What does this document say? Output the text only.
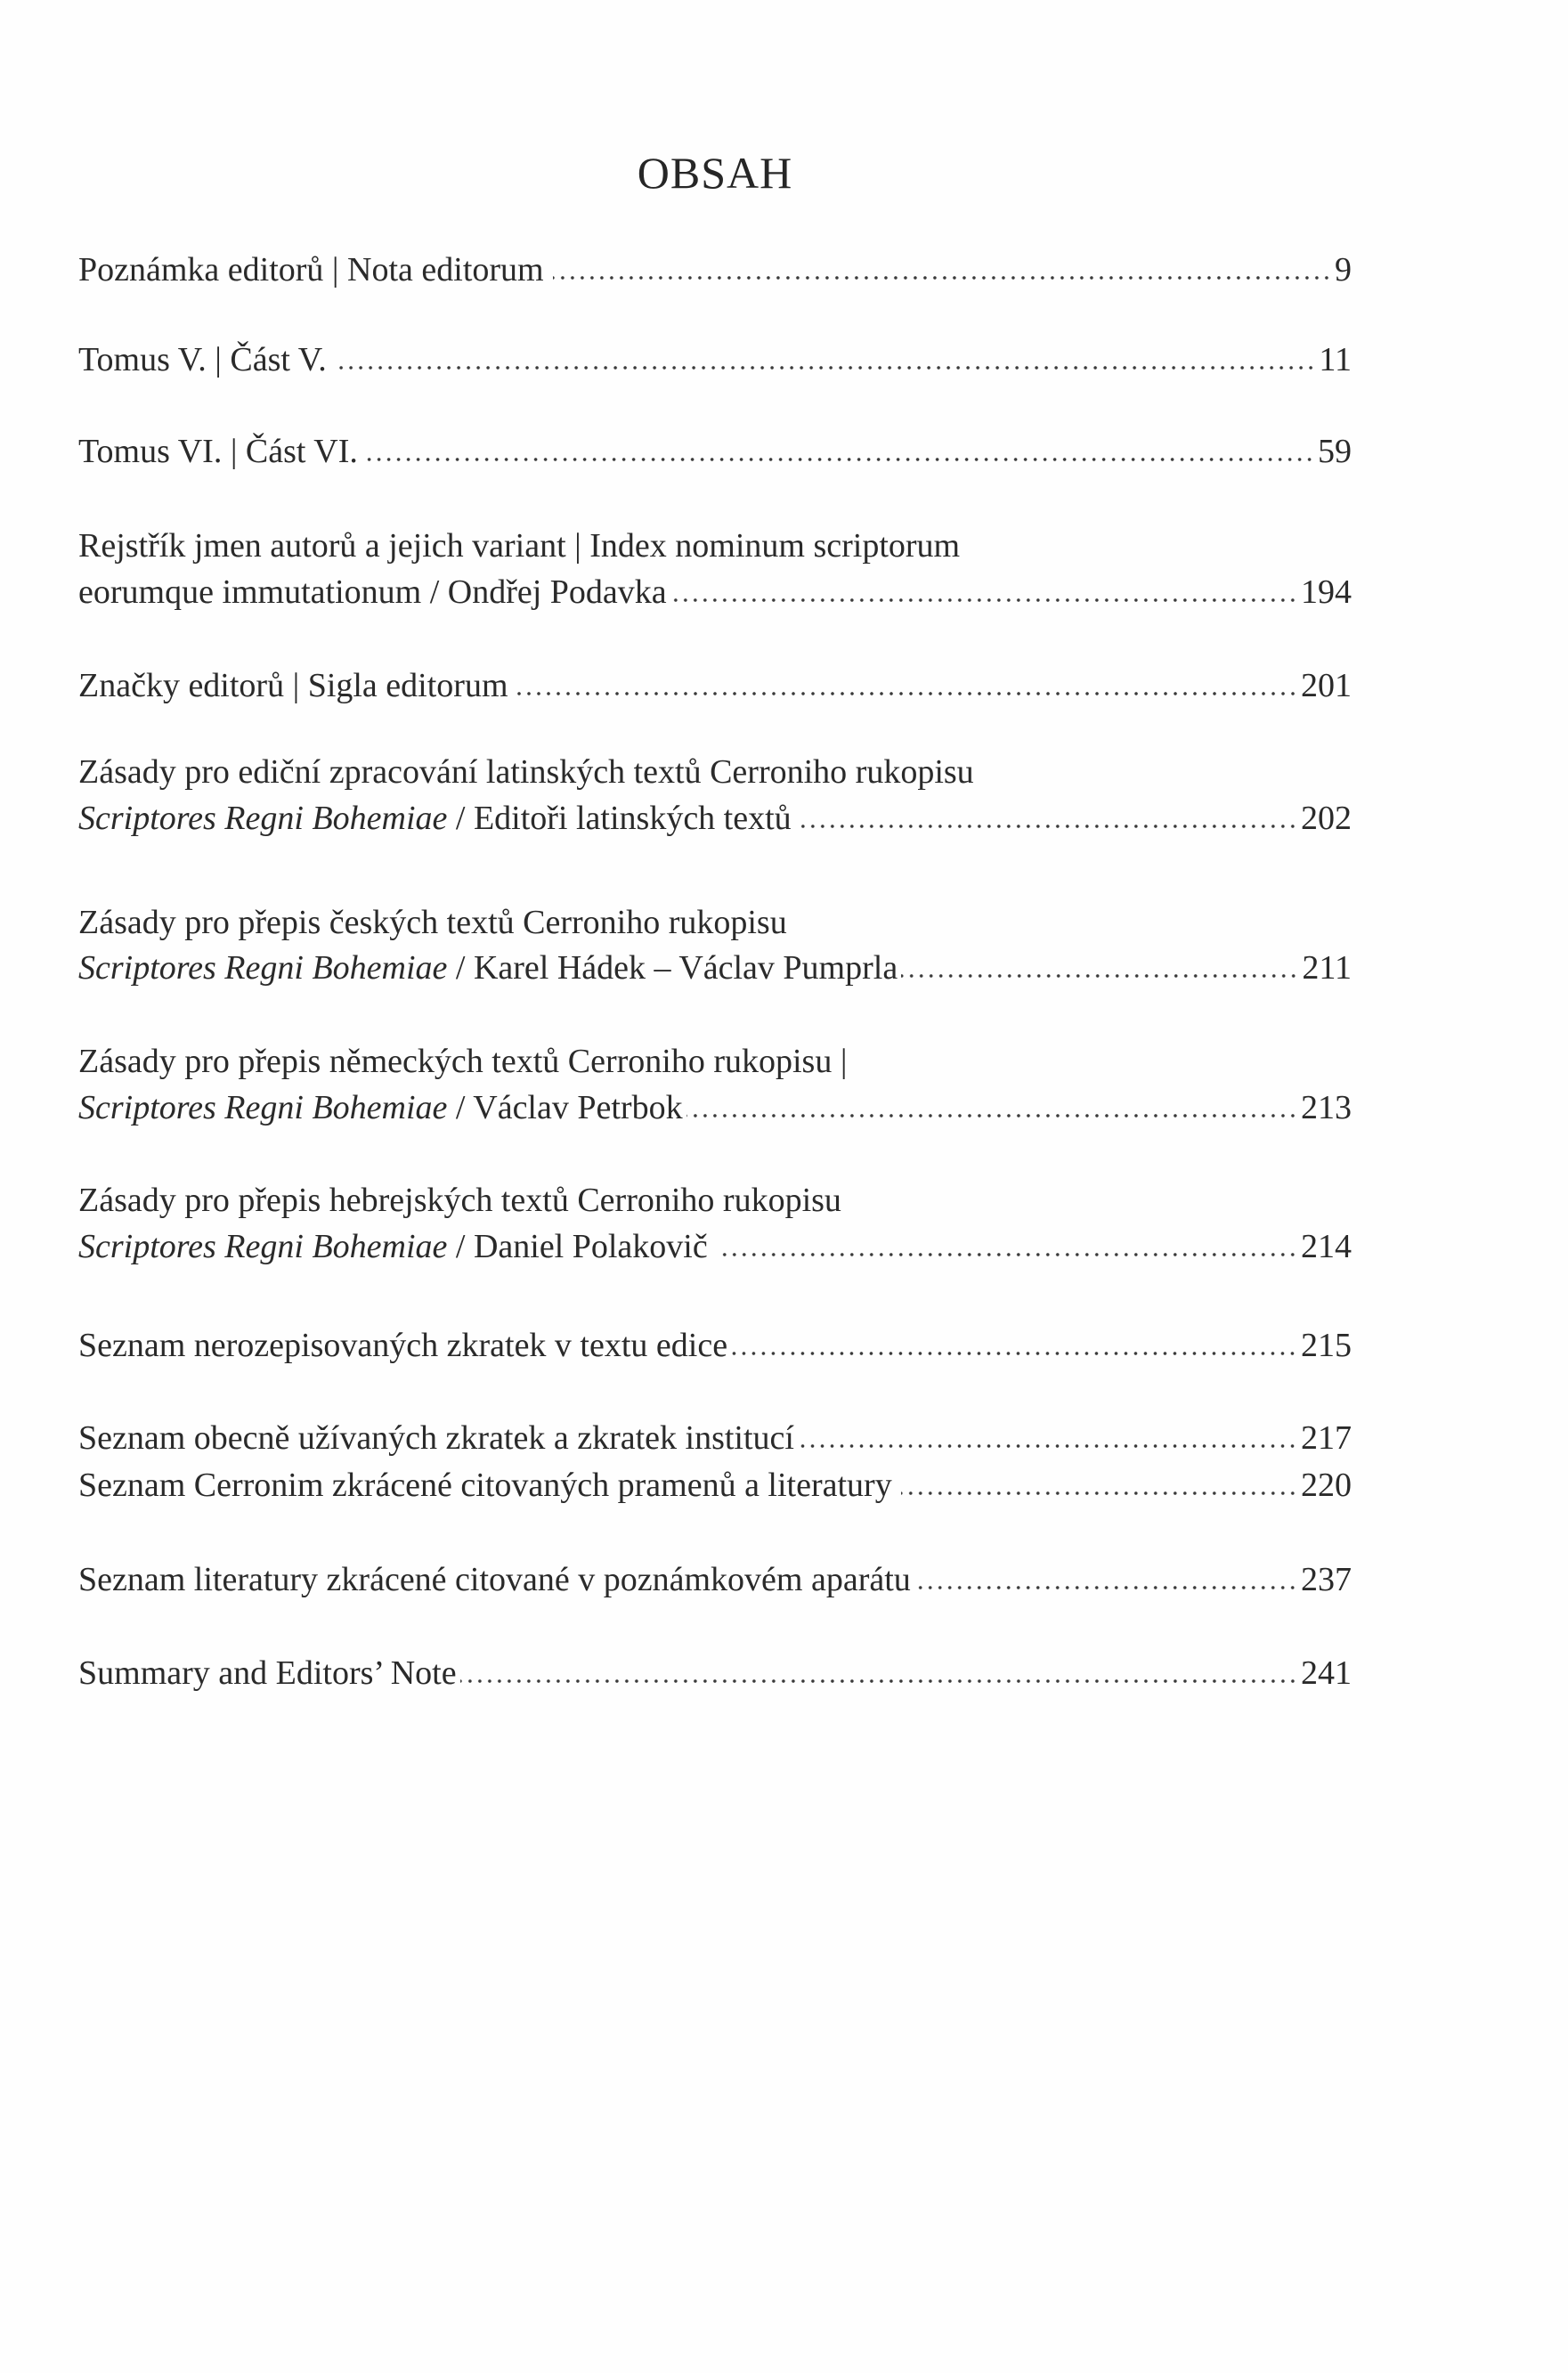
OBSAH
Poznámka editorů | Nota editorum	9
Tomus V. | Část V.	11
Tomus VI. | Část VI.	59
Rejstřík jmen autorů a jejich variant | Index nominum scriptorum
eorumque immutationum / Ondřej Podavka	194
Značky editorů | Sigla editorum	201
Zásady pro ediční zpracování latinských textů Cerroniho rukopisu
Scriptores Regni Bohemiae / Editoři latinských textů	202
Zásady pro přepis českých textů Cerroniho rukopisu
Scriptores Regni Bohemiae / Karel Hádek – Václav Pumprla	211
Zásady pro přepis německých textů Cerroniho rukopisu |
Scriptores Regni Bohemiae / Václav Petrbok	213
Zásady pro přepis hebrejských textů Cerroniho rukopisu
Scriptores Regni Bohemiae / Daniel Polakovič	214
Seznam nerozepisovaných zkratek v textu edice	215
Seznam obecně užívaných zkratek a zkratek institucí	217
Seznam Cerronim zkrácené citovaných pramenů a literatury	220
Seznam literatury zkrácené citované v poznámkovém aparátu	237
Summary and Editors’ Note	241
